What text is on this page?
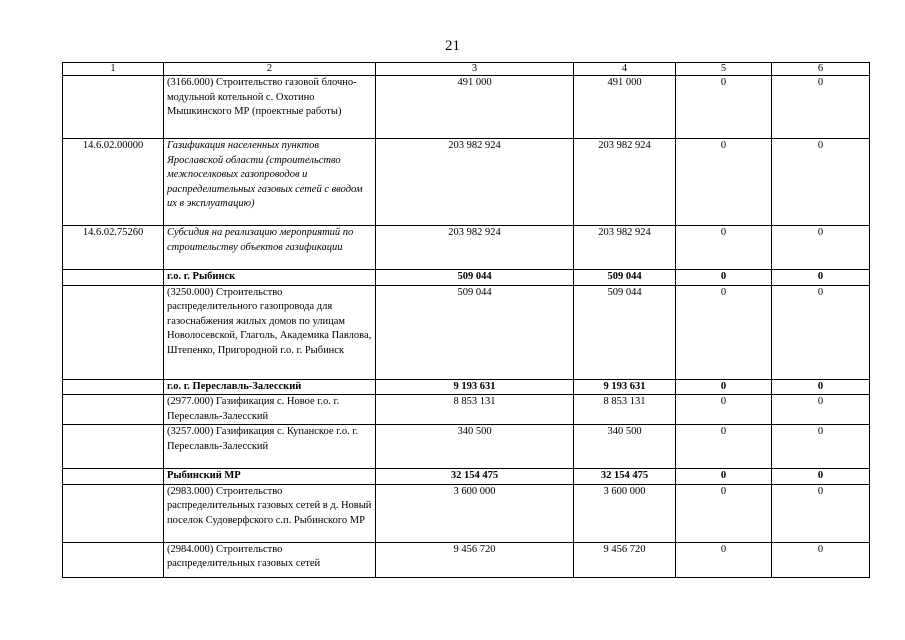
21
1	2	3	4	5	6
	(3166.000) Строительство газовой блочно-модульной котельной с. Охотино Мышкинского МР (проектные работы)	491 000	491 000	0	0
14.6.02.00000	Газификация населенных пунктов Ярославской области (строительство межпоселковых газопроводов и распределительных газовых сетей с вводом их в эксплуатацию)	203 982 924	203 982 924	0	0
14.6.02.75260	Субсидия на реализацию мероприятий по строительству объектов газификации	203 982 924	203 982 924	0	0
	г.о. г. Рыбинск	509 044	509 044	0	0
	(3250.000) Строительство распределительного газопровода для газоснабжения жилых домов по улицам Новолосевской, Глаголь, Академика Павлова, Штепенко, Пригородной г.о. г. Рыбинск	509 044	509 044	0	0
	г.о. г. Переславль-Залесский	9 193 631	9 193 631	0	0
	(2977.000) Газификация с. Новое г.о. г. Переславль-Залесский	8 853 131	8 853 131	0	0
	(3257.000) Газификация с. Купанское г.о. г. Переславль-Залесский	340 500	340 500	0	0
	Рыбинский МР	32 154 475	32 154 475	0	0
	(2983.000) Строительство распределительных газовых сетей в д. Новый поселок Судоверфского с.п. Рыбинского МР	3 600 000	3 600 000	0	0
	(2984.000) Строительство распределительных газовых сетей	9 456 720	9 456 720	0	0
